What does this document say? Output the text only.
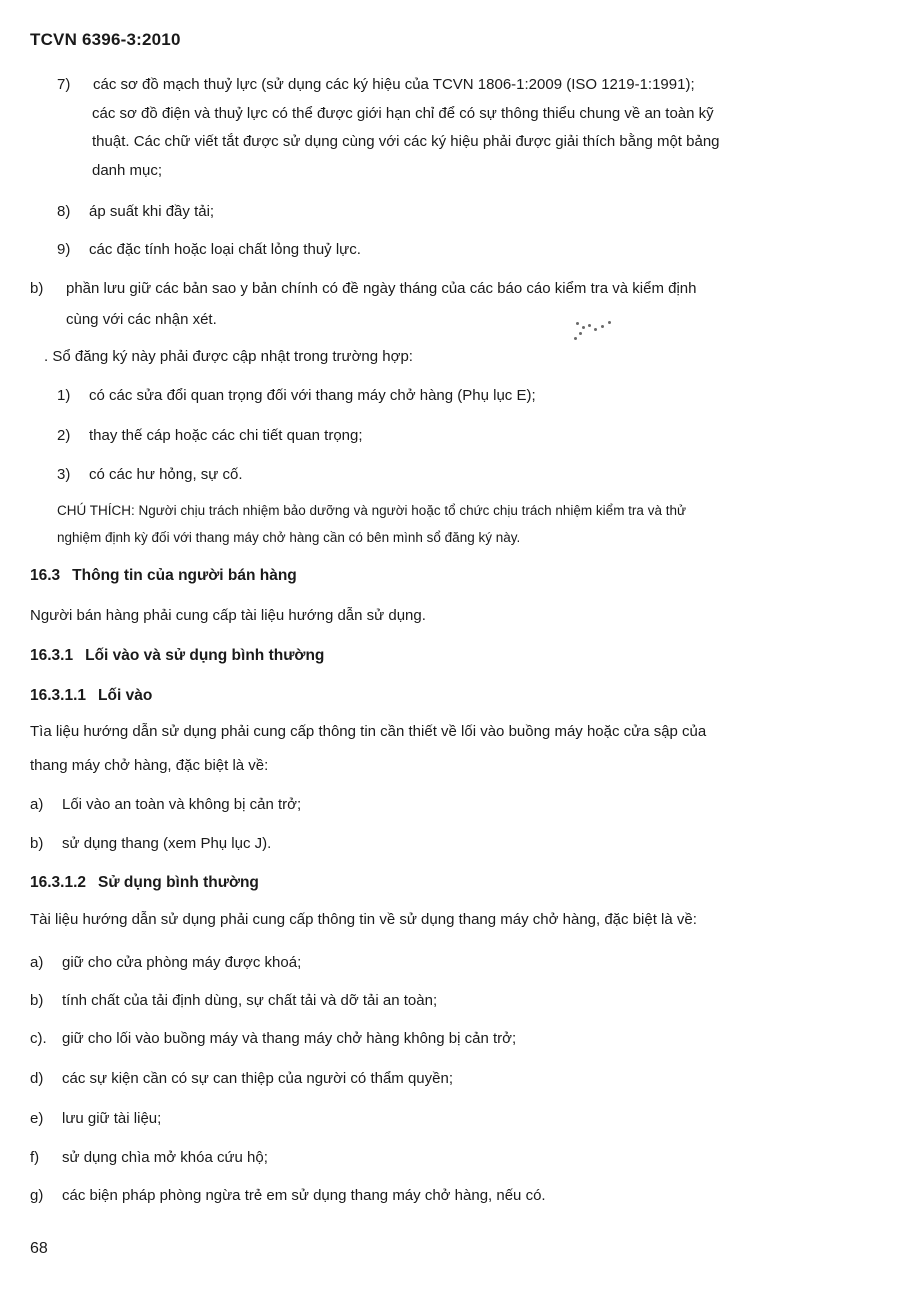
TCVN 6396-3:2010
7) các sơ đồ mạch thuỷ lực (sử dụng các ký hiệu của TCVN 1806-1:2009 (ISO 1219-1:1991);
các sơ đồ điện và thuỷ lực có thể được giới hạn chỉ để có sự thông thiểu chung về an toàn kỹ
thuật. Các chữ viết tắt được sử dụng cùng với các ký hiệu phải được giải thích bằng một bảng
danh mục;
8) áp suất khi đầy tải;
9) các đặc tính hoặc loại chất lỏng thuỷ lực.
b) phần lưu giữ các bản sao y bản chính có đề ngày tháng của các báo cáo kiểm tra và kiểm định
cùng với các nhận xét.
. Sổ đăng ký này phải được cập nhật trong trường hợp:
1) có các sửa đổi quan trọng đối với thang máy chở hàng (Phụ lục E);
2) thay thế cáp hoặc các chi tiết quan trọng;
3) có các hư hỏng, sự cố.
CHÚ THÍCH: Người chịu trách nhiệm bảo dưỡng và người hoặc tổ chức chịu trách nhiệm kiểm tra và thử
nghiệm định kỳ đối với thang máy chở hàng cần có bên mình sổ đăng ký này.
16.3 Thông tin của người bán hàng
Người bán hàng phải cung cấp tài liệu hướng dẫn sử dụng.
16.3.1 Lối vào và sử dụng bình thường
16.3.1.1 Lối vào
Tìa liệu hướng dẫn sử dụng phải cung cấp thông tin cần thiết về lối vào buồng máy hoặc cửa sập của
thang máy chở hàng, đặc biệt là về:
a) Lối vào an toàn và không bị cản trở;
b) sử dụng thang (xem Phụ lục J).
16.3.1.2 Sử dụng bình thường
Tài liệu hướng dẫn sử dụng phải cung cấp thông tin về sử dụng thang máy chở hàng, đặc biệt là về:
a) giữ cho cửa phòng máy được khoá;
b) tính chất của tải định dùng, sự chất tải và dỡ tải an toàn;
c). giữ cho lối vào buồng máy và thang máy chở hàng không bị cản trở;
d) các sự kiện cần có sự can thiệp của người có thẩm quyền;
e) lưu giữ tài liệu;
f) sử dụng chìa mở khóa cứu hộ;
g) các biện pháp phòng ngừa trẻ em sử dụng thang máy chở hàng, nếu có.
68
